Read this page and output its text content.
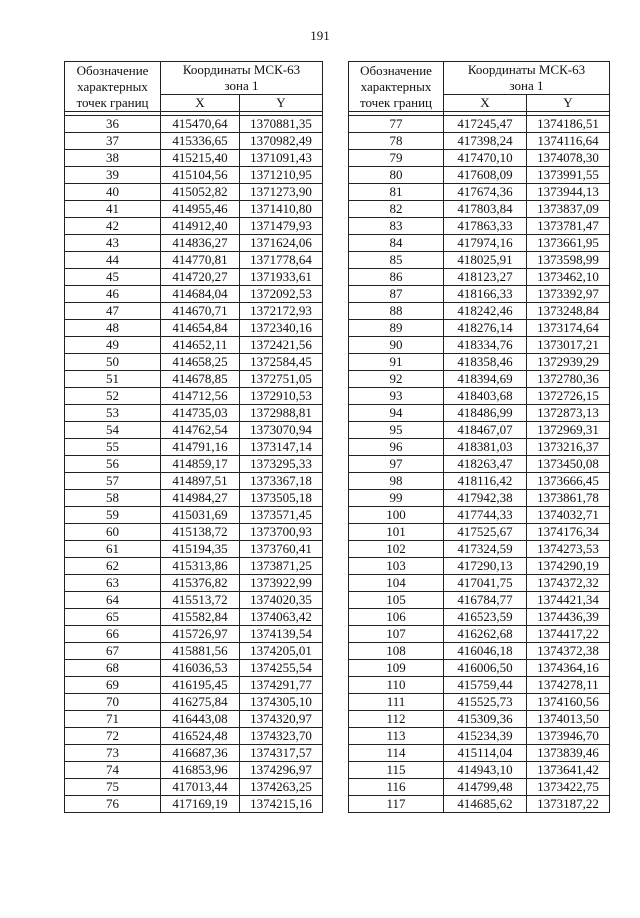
191
Обозначение
характерных
точек границ	Координаты МСК-63
зона 1	
	X	Y

36	415470,64	1370881,35
37	415336,65	1370982,49
38	415215,40	1371091,43
39	415104,56	1371210,95
40	415052,82	1371273,90
41	414955,46	1371410,80
42	414912,40	1371479,93
43	414836,27	1371624,06
44	414770,81	1371778,64
45	414720,27	1371933,61
46	414684,04	1372092,53
47	414670,71	1372172,93
48	414654,84	1372340,16
49	414652,11	1372421,56
50	414658,25	1372584,45
51	414678,85	1372751,05
52	414712,56	1372910,53
53	414735,03	1372988,81
54	414762,54	1373070,94
55	414791,16	1373147,14
56	414859,17	1373295,33
57	414897,51	1373367,18
58	414984,27	1373505,18
59	415031,69	1373571,45
60	415138,72	1373700,93
61	415194,35	1373760,41
62	415313,86	1373871,25
63	415376,82	1373922,99
64	415513,72	1374020,35
65	415582,84	1374063,42
66	415726,97	1374139,54
67	415881,56	1374205,01
68	416036,53	1374255,54
69	416195,45	1374291,77
70	416275,84	1374305,10
71	416443,08	1374320,97
72	416524,48	1374323,70
73	416687,36	1374317,57
74	416853,96	1374296,97
75	417013,44	1374263,25
76	417169,19	1374215,16
Обозначение
характерных
точек границ	Координаты МСК-63
зона 1	
	X	Y

77	417245,47	1374186,51
78	417398,24	1374116,64
79	417470,10	1374078,30
80	417608,09	1373991,55
81	417674,36	1373944,13
82	417803,84	1373837,09
83	417863,33	1373781,47
84	417974,16	1373661,95
85	418025,91	1373598,99
86	418123,27	1373462,10
87	418166,33	1373392,97
88	418242,46	1373248,84
89	418276,14	1373174,64
90	418334,76	1373017,21
91	418358,46	1372939,29
92	418394,69	1372780,36
93	418403,68	1372726,15
94	418486,99	1372873,13
95	418467,07	1372969,31
96	418381,03	1373216,37
97	418263,47	1373450,08
98	418116,42	1373666,45
99	417942,38	1373861,78
100	417744,33	1374032,71
101	417525,67	1374176,34
102	417324,59	1374273,53
103	417290,13	1374290,19
104	417041,75	1374372,32
105	416784,77	1374421,34
106	416523,59	1374436,39
107	416262,68	1374417,22
108	416046,18	1374372,38
109	416006,50	1374364,16
110	415759,44	1374278,11
111	415525,73	1374160,56
112	415309,36	1374013,50
113	415234,39	1373946,70
114	415114,04	1373839,46
115	414943,10	1373641,42
116	414799,48	1373422,75
117	414685,62	1373187,22
